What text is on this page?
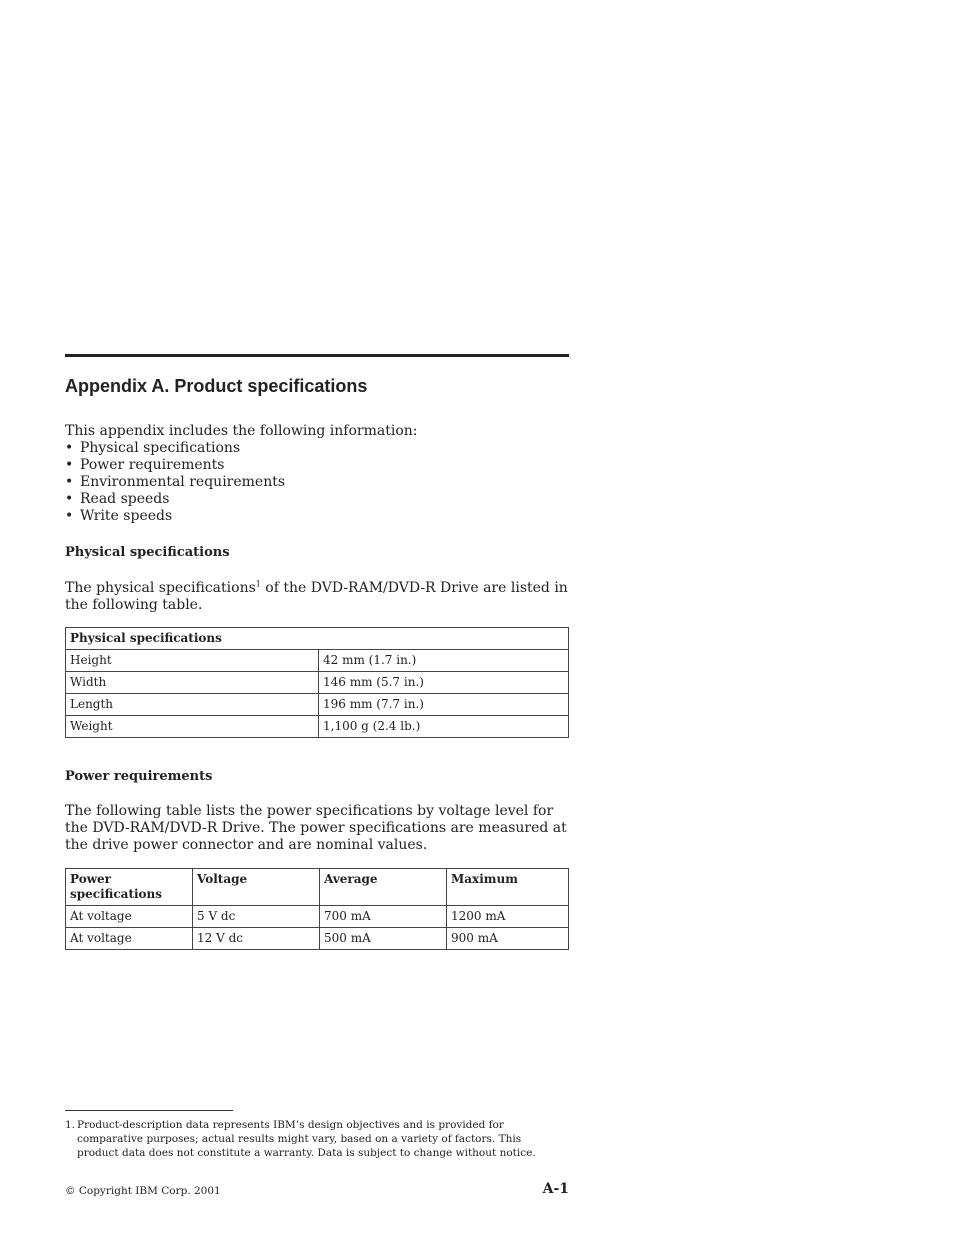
Appendix A. Product specifications
This appendix includes the following information:
• Physical specifications
• Power requirements
• Environmental requirements
• Read speeds
• Write speeds
Physical specifications

The physical specifications$^1$ of the DVD-RAM/DVD-R Drive are listed in the following table.

Physical specifications	
Height	42 mm (1.7 in.)
Width	146 mm (5.7 in.)
Length	196 mm (7.7 in.)
Weight	1,100 g (2.4 lb.)
Power requirements

The following table lists the power specifications by voltage level for the DVD-RAM/DVD-R Drive. The power specifications are measured at the drive power connector and are nominal values.

Power specifications	Voltage	Average	Maximum
At voltage	5 V dc	700 mA	1200 mA
At voltage	12 V dc	500 mA	900 mA
1. Product-description data represents IBM’s design objectives and is provided for comparative purposes; actual results might vary, based on a variety of factors. This product data does not constitute a warranty. Data is subject to change without notice.
© Copyright IBM Corp. 2001	A-1
